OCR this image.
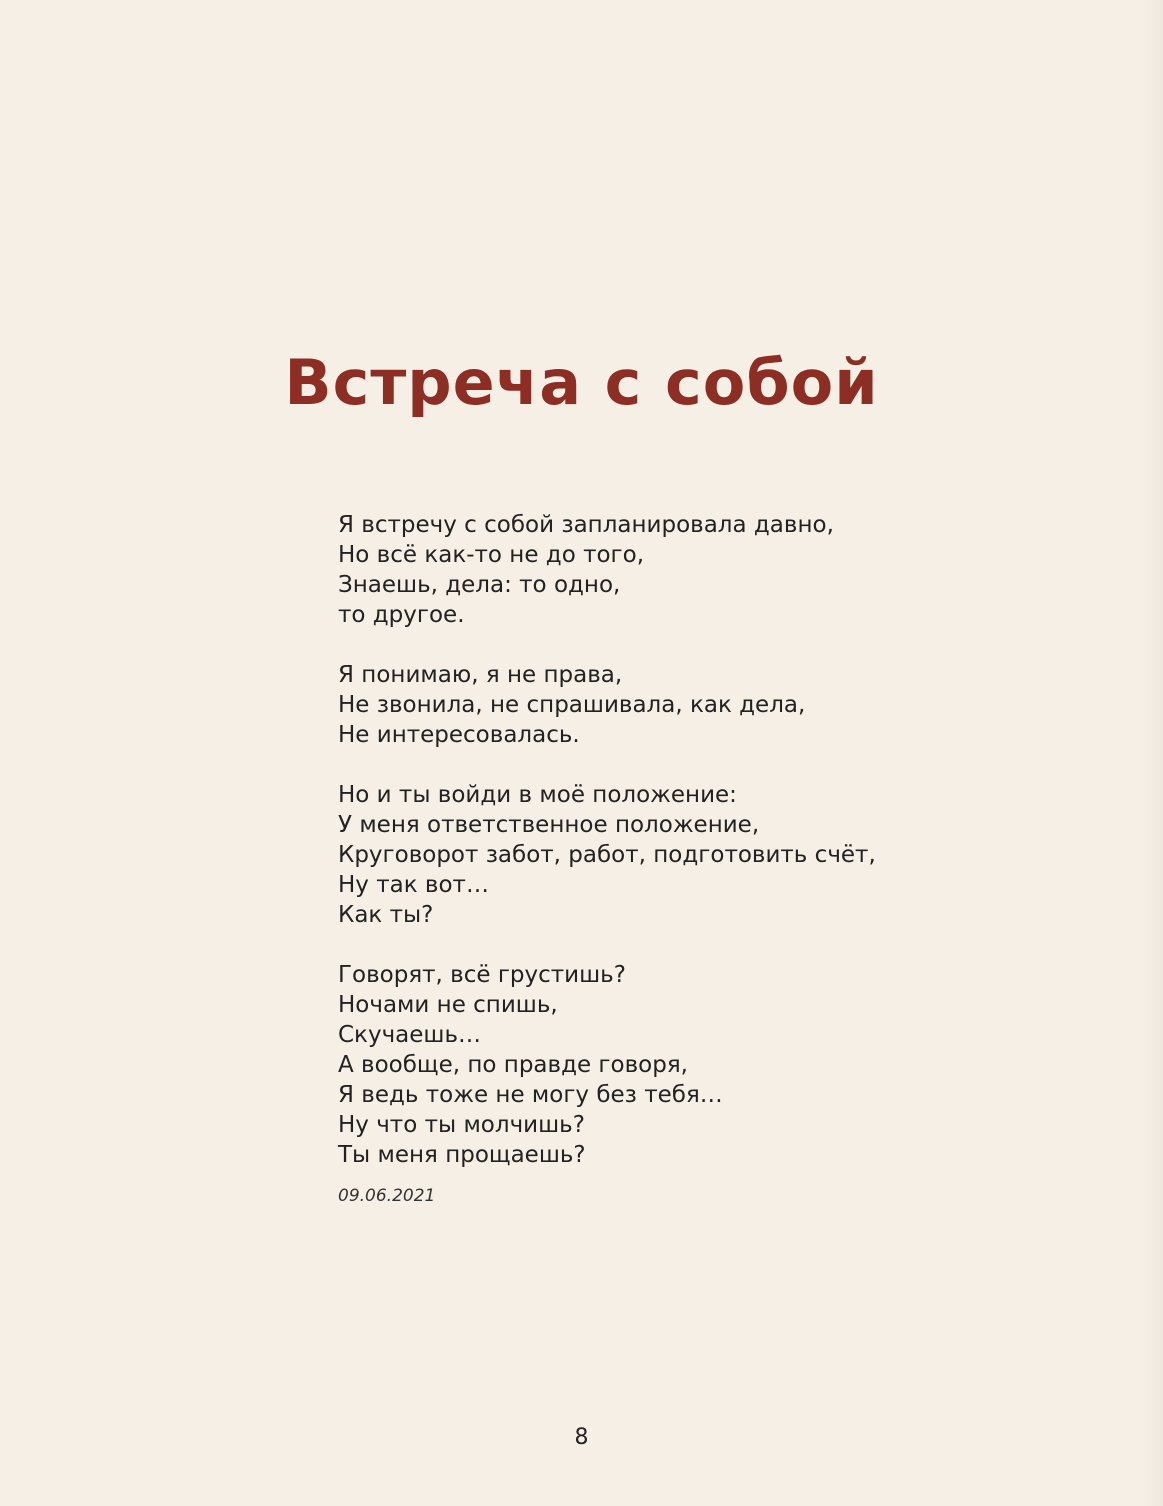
Встреча с собой
Я встречу с собой запланировала давно,
Но всё как-то не до того,
Знаешь, дела: то одно,
то другое.
Я понимаю, я не права,
Не звонила, не спрашивала, как дела,
Не интересовалась.
Но и ты войди в моё положение:
У меня ответственное положение,
Круговорот забот, работ, подготовить счёт,
Ну так вот…
Как ты?
Говорят, всё грустишь?
Ночами не спишь,
Скучаешь…
А вообще, по правде говоря,
Я ведь тоже не могу без тебя…
Ну что ты молчишь?
Ты меня прощаешь?
09.06.2021
8
